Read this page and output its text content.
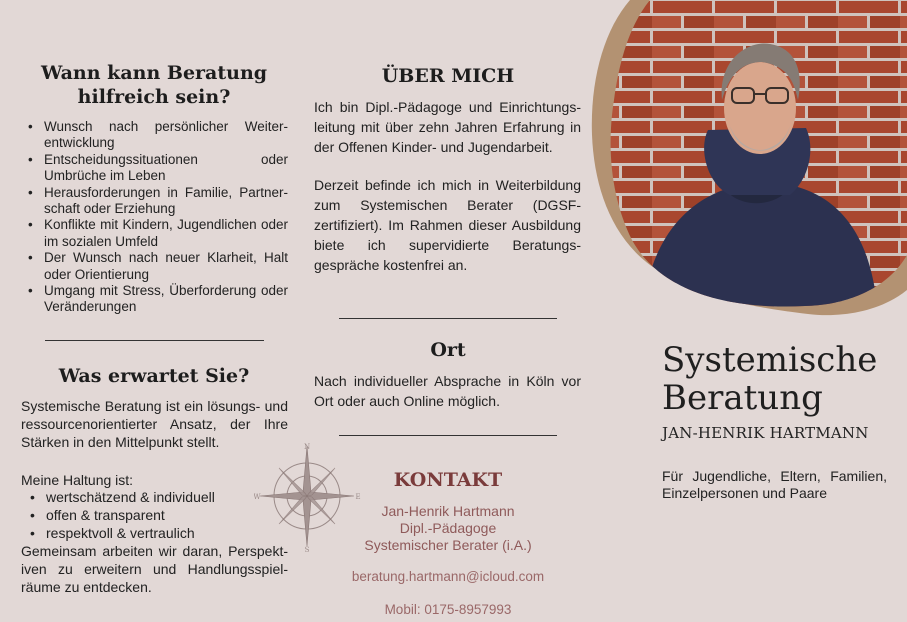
Wann kann Beratung
hilfreich sein?
• Wunsch nach persönlicher Weiter-entwicklung
• Entscheidungssituationen oder Umbrüche im Leben
• Herausforderungen in Familie, Partner-schaft oder Erziehung
• Konflikte mit Kindern, Jugendlichen oder im sozialen Umfeld
• Der Wunsch nach neuer Klarheit, Halt oder Orientierung
• Umgang mit Stress, Überforderung oder Veränderungen
Was erwartet Sie?
Systemische Beratung ist ein lösungs- und ressourcenorientierter Ansatz, der Ihre Stärken in den Mittelpunkt stellt.
Meine Haltung ist:
• wertschätzend & individuell
• offen & transparent
• respektvoll & vertraulich
Gemeinsam arbeiten wir daran, Perspekt-iven zu erweitern und Handlungsspiel-räume zu entdecken.
ÜBER MICH
Ich bin Dipl.-Pädagoge und Einrichtungs-leitung mit über zehn Jahren Erfahrung in der Offenen Kinder- und Jugendarbeit.
Derzeit befinde ich mich in Weiterbildung zum Systemischen Berater (DGSF-zertifiziert). Im Rahmen dieser Ausbildung biete ich supervidierte Beratungs-gespräche kostenfrei an.
Ort
Nach individueller Absprache in Köln vor Ort oder auch Online möglich.
N
S
W	E
KONTAKT
Jan-Henrik Hartmann
Dipl.-Pädagoge
Systemischer Berater (i.A.)
beratung.hartmann@icloud.com
Mobil: 0175-8957993
Systemische
Beratung
JAN-HENRIK HARTMANN
Für Jugendliche, Eltern, Familien, Einzelpersonen und Paare
